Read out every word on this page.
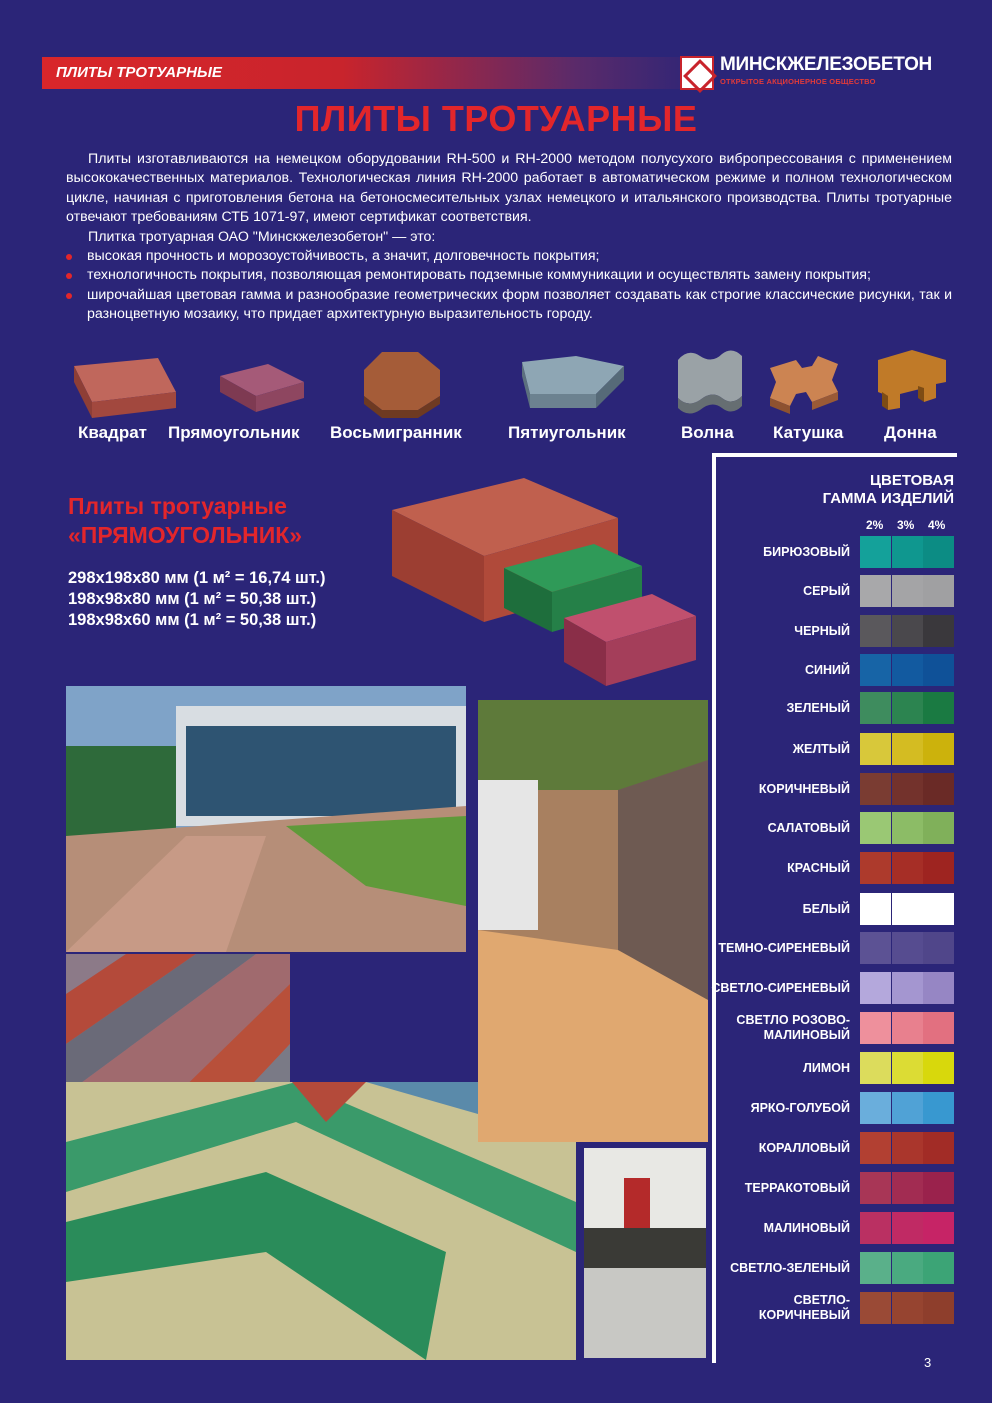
ПЛИТЫ ТРОТУАРНЫЕ	МИНСКЖЕЛЕЗОБЕТОН
ОТКРЫТОЕ АКЦИОНЕРНОЕ ОБЩЕСТВО
ПЛИТЫ ТРОТУАРНЫЕ

Плиты изготавливаются на немецком оборудовании RH-500 и RH-2000 методом полусухого вибропрессования с применением высококачественных материалов. Технологическая линия RH-2000 работает в автоматическом режиме и полном технологическом цикле, начиная с приготовления бетона на бетоносмесительных узлах немецкого и итальянского производства. Плиты тротуарные отвечают требованиям СТБ 1071-97, имеют сертификат соответствия.

Плитка тротуарная ОАО "Минскжелезобетон" — это:

высокая прочность и морозоустойчивость, а значит, долговечность покрытия;
технологичность покрытия, позволяющая ремонтировать подземные коммуникации и осуществлять замену покрытия;
широчайшая цветовая гамма и разнообразие геометрических форм позволяет создавать как строгие классические рисунки, так и разноцветную мозаику, что придает архитектурную выразительность городу.
Квадрат Прямоугольник Восьмигранник	Пятиугольник	Волна Катушка Донна
Плиты тротуарные
«ПРЯМОУГОЛЬНИК»
298x198x80 мм (1 м² = 16,74 шт.)
198x98x80 мм (1 м² = 50,38 шт.)
198x98x60 мм (1 м² = 50,38 шт.)
ЦВЕТОВАЯ
ГАММА ИЗДЕЛИЙ
2% 3% 4%
БИРЮЗОВЫЙ
СЕРЫЙ
ЧЕРНЫЙ
СИНИЙ
ЗЕЛЕНЫЙ
ЖЕЛТЫЙ
КОРИЧНЕВЫЙ
САЛАТОВЫЙ
КРАСНЫЙ
БЕЛЫЙ
ТЕМНО-СИРЕНЕВЫЙ
СВЕТЛО-СИРЕНЕВЫЙ
СВЕТЛО РОЗОВО-МАЛИНОВЫЙ
ЛИМОН
ЯРКО-ГОЛУБОЙ
КОРАЛЛОВЫЙ
ТЕРРАКОТОВЫЙ
МАЛИНОВЫЙ
СВЕТЛО-ЗЕЛЕНЫЙ
СВЕТЛО-КОРИЧНЕВЫЙ
3
